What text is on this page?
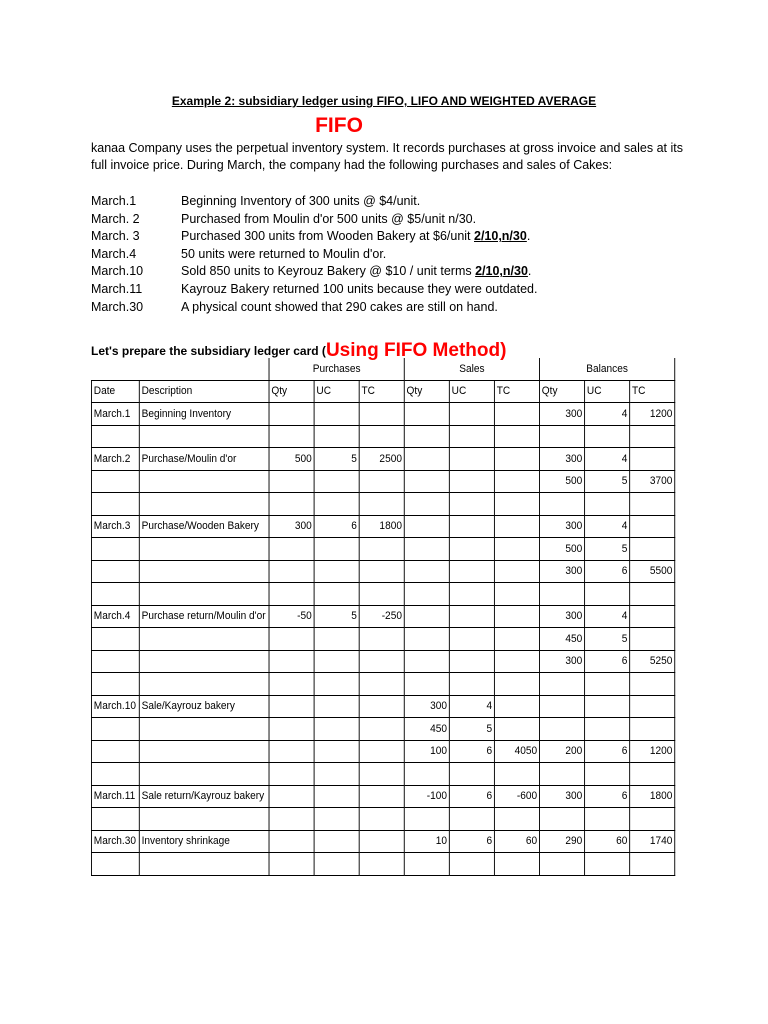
Example 2: subsidiary ledger using FIFO, LIFO AND WEIGHTED AVERAGE
FIFO
kanaa Company uses the perpetual inventory system. It records purchases at gross invoice and sales at its full invoice price. During March, the company had the following purchases and sales of Cakes:
March.1	Beginning Inventory of 300 units @ $4/unit.
March. 2	Purchased from Moulin d'or 500 units @ $5/unit n/30.
March. 3	Purchased 300 units from Wooden Bakery at $6/unit 2/10,n/30.
March.4	50 units were returned to Moulin d'or.
March.10	Sold 850 units to Keyrouz Bakery @ $10 / unit terms 2/10,n/30.
March.11	Kayrouz Bakery returned 100 units because they were outdated.
March.30	A physical count showed that 290 cakes are still on hand.
Let's prepare the subsidiary ledger card (Using FIFO Method)
		Purchases			Sales			Balances		
Date	Description	Qty	UC	TC	Qty	UC	TC	Qty	UC	TC
March.1	Beginning Inventory							300	4	1200

March.2	Purchase/Moulin d'or	500	5	2500				300	4	
								500	5	3700

March.3	Purchase/Wooden Bakery	300	6	1800				300	4	
								500	5	
								300	6	5500

March.4	Purchase return/Moulin d'or	-50	5	-250				300	4	
								450	5	
								300	6	5250

March.10	Sale/Kayrouz bakery				300	4				
					450	5				
					100	6	4050	200	6	1200

March.11	Sale return/Kayrouz bakery				-100	6	-600	300	6	1800

March.30	Inventory shrinkage				10	6	60	290	60	1740
